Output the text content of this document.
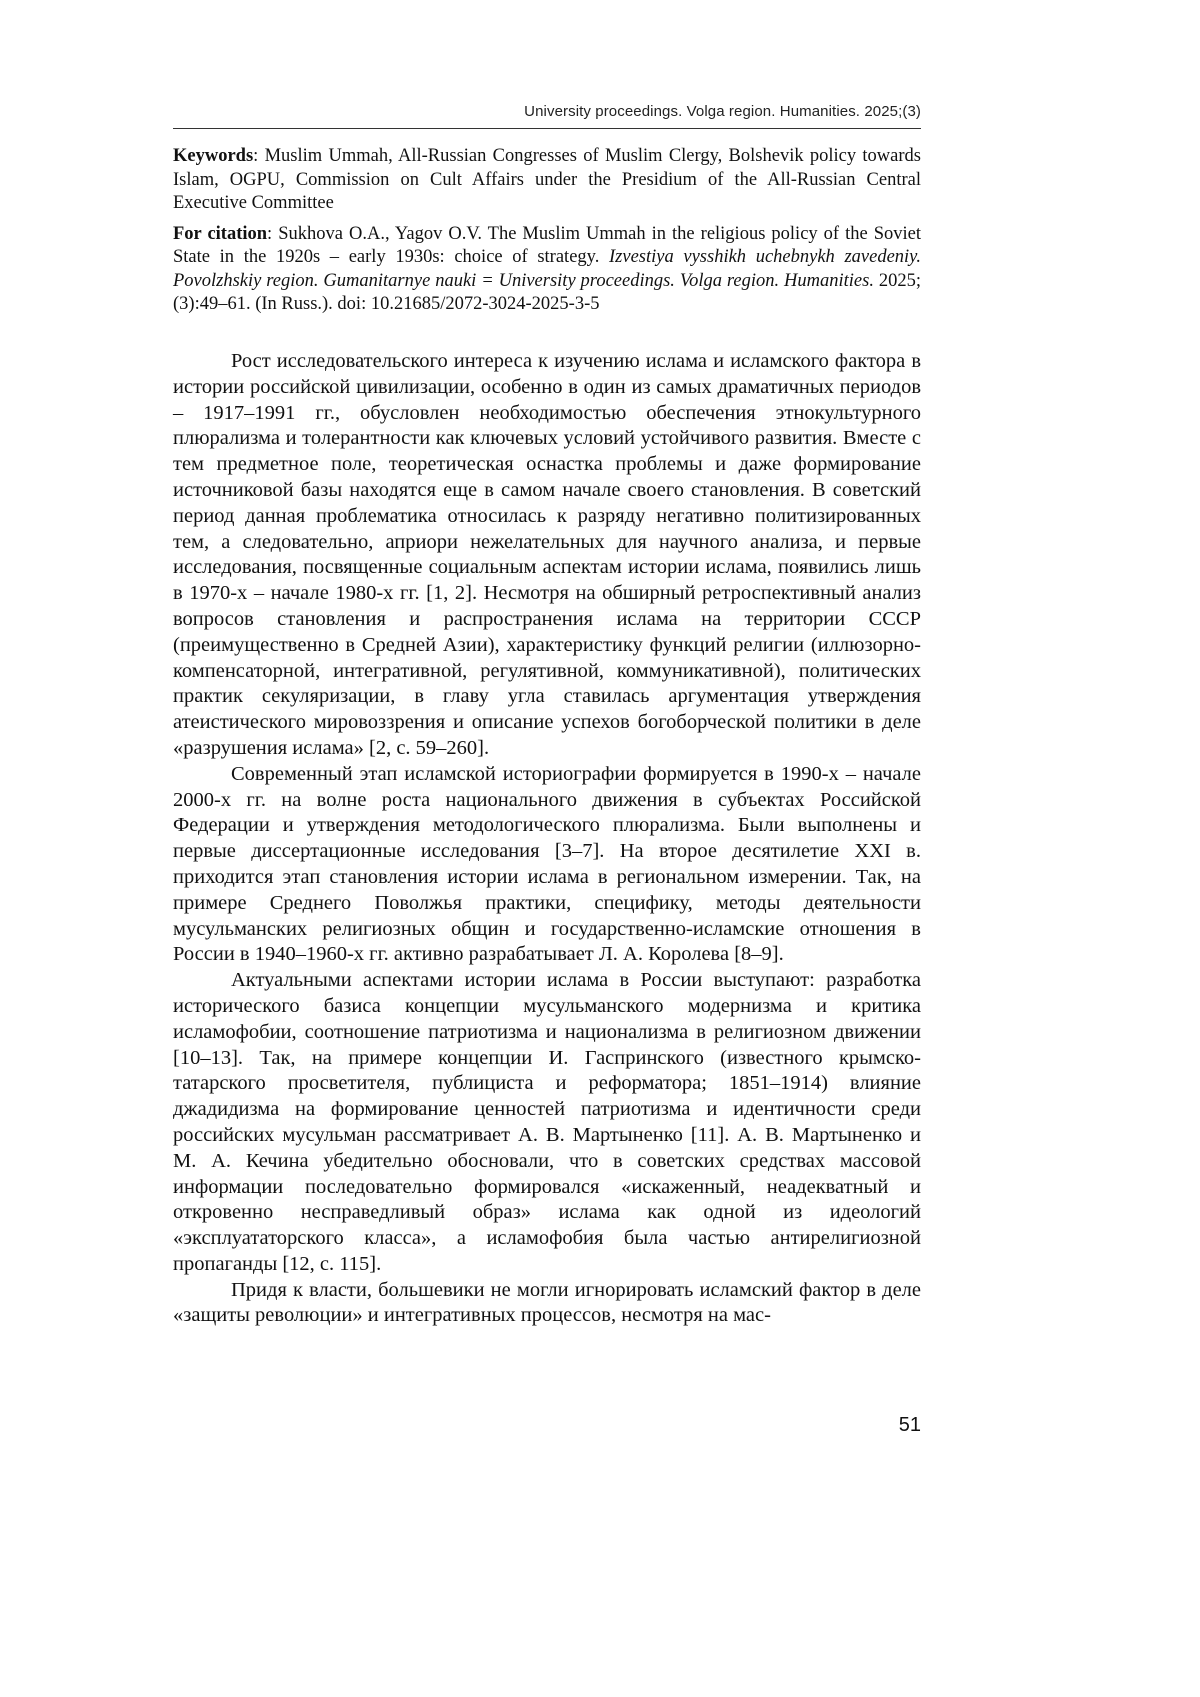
University proceedings. Volga region. Humanities. 2025;(3)

Keywords: Muslim Ummah, All-Russian Congresses of Muslim Clergy, Bolshevik policy towards Islam, OGPU, Commission on Cult Affairs under the Presidium of the All-Russian Central Executive Committee

For citation: Sukhova O.A., Yagov O.V. The Muslim Ummah in the religious policy of the Soviet State in the 1920s – early 1930s: choice of strategy. Izvestiya vysshikh uchebnykh zavedeniy. Povolzhskiy region. Gumanitarnye nauki = University proceedings. Volga region. Humanities. 2025;(3):49–61. (In Russ.). doi: 10.21685/2072-3024-2025-3-5

Рост исследовательского интереса к изучению ислама и исламского фактора в истории российской цивилизации, особенно в один из самых драматичных периодов – 1917–1991 гг., обусловлен необходимостью обеспечения этнокультурного плюрализма и толерантности как ключевых условий устойчивого развития. Вместе с тем предметное поле, теоретическая оснастка проблемы и даже формирование источниковой базы находятся еще в самом начале своего становления. В советский период данная проблематика относилась к разряду негативно политизированных тем, а следовательно, априори нежелательных для научного анализа, и первые исследования, посвященные социальным аспектам истории ислама, появились лишь в 1970-х – начале 1980-х гг. [1, 2]. Несмотря на обширный ретроспективный анализ вопросов становления и распространения ислама на территории СССР (преимущественно в Средней Азии), характеристику функций религии (иллюзорно-компенсаторной, интегративной, регулятивной, коммуникативной), политических практик секуляризации, в главу угла ставилась аргументация утверждения атеистического мировоззрения и описание успехов богоборческой политики в деле «разрушения ислама» [2, с. 59–260].

Современный этап исламской историографии формируется в 1990-х – начале 2000-х гг. на волне роста национального движения в субъектах Российской Федерации и утверждения методологического плюрализма. Были выполнены и первые диссертационные исследования [3–7]. На второе десятилетие XXI в. приходится этап становления истории ислама в региональном измерении. Так, на примере Среднего Поволжья практики, специфику, методы деятельности мусульманских религиозных общин и государственно-исламские отношения в России в 1940–1960-х гг. активно разрабатывает Л. А. Королева [8–9].

Актуальными аспектами истории ислама в России выступают: разработка исторического базиса концепции мусульманского модернизма и критика исламофобии, соотношение патриотизма и национализма в религиозном движении [10–13]. Так, на примере концепции И. Гаспринского (известного крымско-татарского просветителя, публициста и реформатора; 1851–1914) влияние джадидизма на формирование ценностей патриотизма и идентичности среди российских мусульман рассматривает А. В. Мартыненко [11]. А. В. Мартыненко и М. А. Кечина убедительно обосновали, что в советских средствах массовой информации последовательно формировался «искаженный, неадекватный и откровенно несправедливый образ» ислама как одной из идеологий «эксплуататорского класса», а исламофобия была частью антирелигиозной пропаганды [12, с. 115].

Придя к власти, большевики не могли игнорировать исламский фактор в деле «защиты революции» и интегративных процессов, несмотря на мас-

51
